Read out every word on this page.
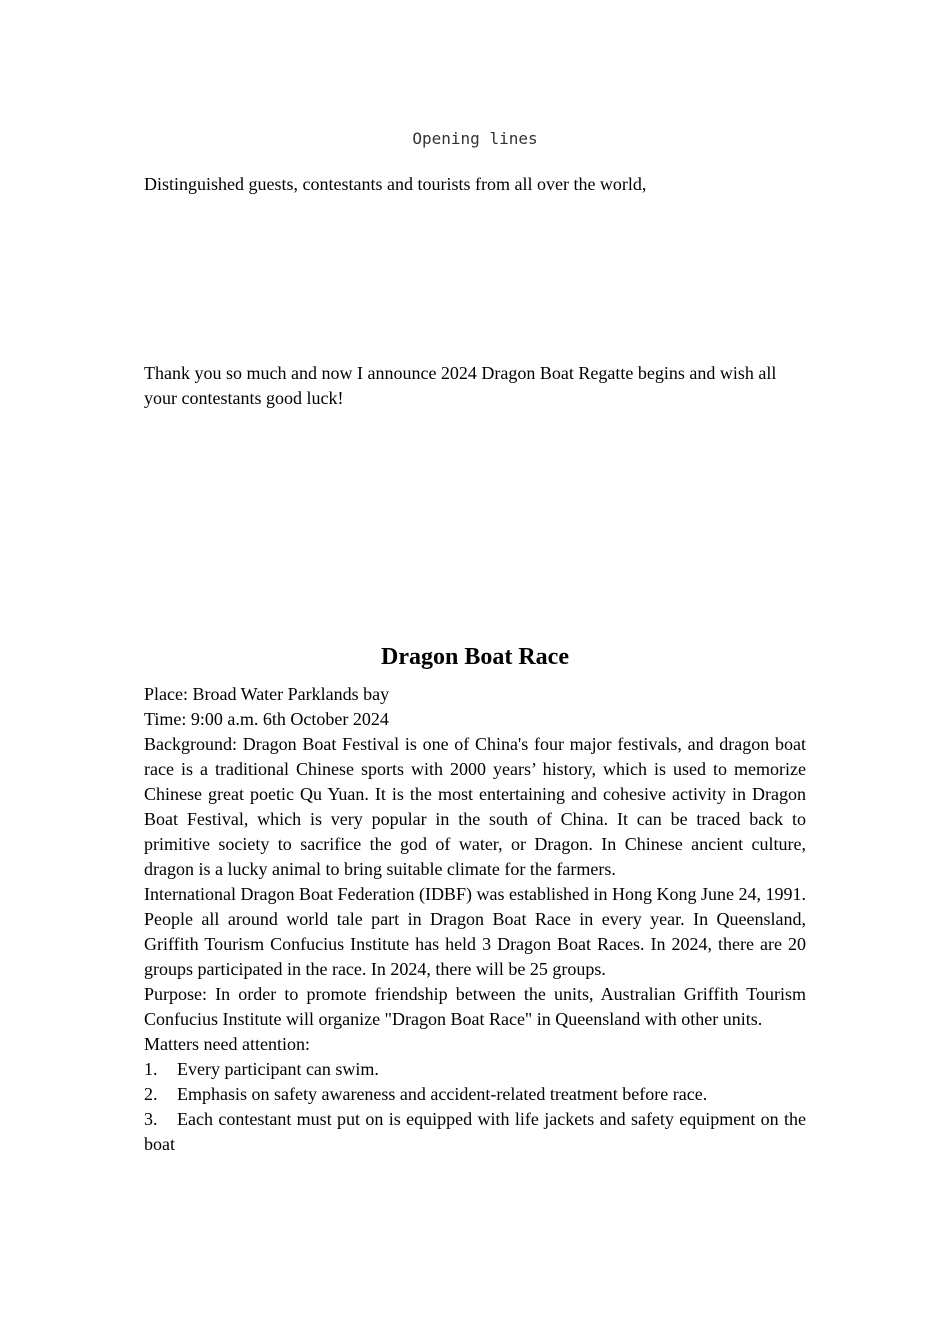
Opening lines

Distinguished guests, contestants and tourists from all over the world,

Thank you so much and now I announce 2024 Dragon Boat Regatte begins and wish all your contestants good luck!

Dragon Boat Race
Place: Broad Water Parklands bay
Time: 9:00 a.m. 6th October 2024
Background: Dragon Boat Festival is one of China's four major festivals, and dragon boat race is a traditional Chinese sports with 2000 years’ history, which is used to memorize Chinese great poetic Qu Yuan. It is the most entertaining and cohesive activity in Dragon Boat Festival, which is very popular in the south of China. It can be traced back to primitive society to sacrifice the god of water, or Dragon. In Chinese ancient culture, dragon is a lucky animal to bring suitable climate for the farmers.
International Dragon Boat Federation (IDBF) was established in Hong Kong June 24, 1991. People all around world tale part in Dragon Boat Race in every year. In Queensland, Griffith Tourism Confucius Institute has held 3 Dragon Boat Races. In 2024, there are 20 groups participated in the race. In 2024, there will be 25 groups.
Purpose: In order to promote friendship between the units, Australian Griffith Tourism Confucius Institute will organize "Dragon Boat Race" in Queensland with other units.
Matters need attention:
1. Every participant can swim.
2. Emphasis on safety awareness and accident-related treatment before race.
3. Each contestant must put on is equipped with life jackets and safety equipment on the boat
